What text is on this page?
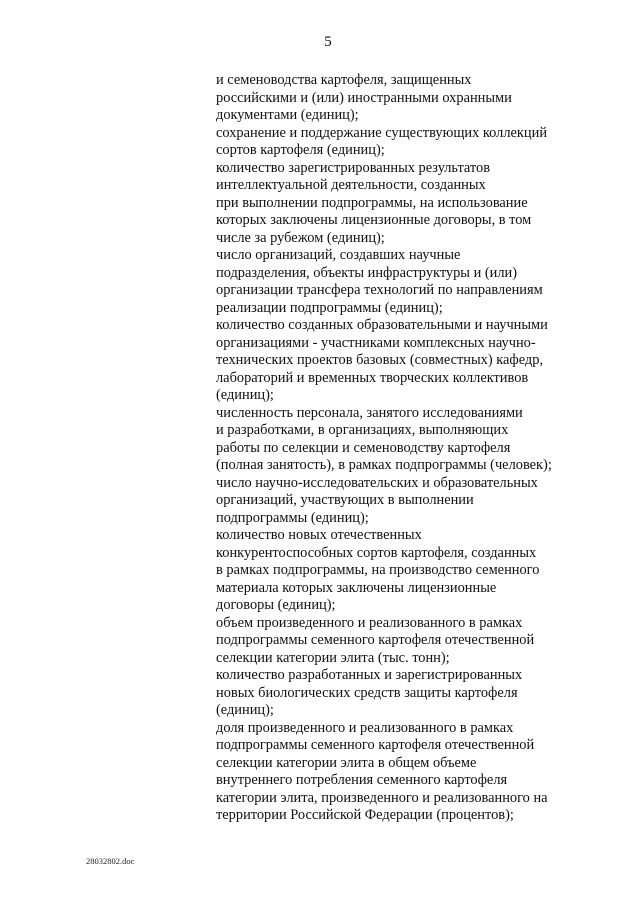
5
и семеноводства картофеля, защищенных
российскими и (или) иностранными охранными
документами (единиц);
сохранение и поддержание существующих коллекций
сортов картофеля (единиц);
количество зарегистрированных результатов
интеллектуальной деятельности, созданных
при выполнении подпрограммы, на использование
которых заключены лицензионные договоры, в том
числе за рубежом (единиц);
число организаций, создавших научные
подразделения, объекты инфраструктуры и (или)
организации трансфера технологий по направлениям
реализации подпрограммы (единиц);
количество созданных образовательными и научными
организациями - участниками комплексных научно-
технических проектов базовых (совместных) кафедр,
лабораторий и временных творческих коллективов
(единиц);
численность персонала, занятого исследованиями
и разработками, в организациях, выполняющих
работы по селекции и семеноводству картофеля
(полная занятость), в рамках подпрограммы (человек);
число научно-исследовательских и образовательных
организаций, участвующих в выполнении
подпрограммы (единиц);
количество новых отечественных
конкурентоспособных сортов картофеля, созданных
в рамках подпрограммы, на производство семенного
материала которых заключены лицензионные
договоры (единиц);
объем произведенного и реализованного в рамках
подпрограммы семенного картофеля отечественной
селекции категории элита (тыс. тонн);
количество разработанных и зарегистрированных
новых биологических средств защиты картофеля
(единиц);
доля произведенного и реализованного в рамках
подпрограммы семенного картофеля отечественной
селекции категории элита в общем объеме
внутреннего потребления семенного картофеля
категории элита, произведенного и реализованного на
территории Российской Федерации (процентов);
28032802.doc
